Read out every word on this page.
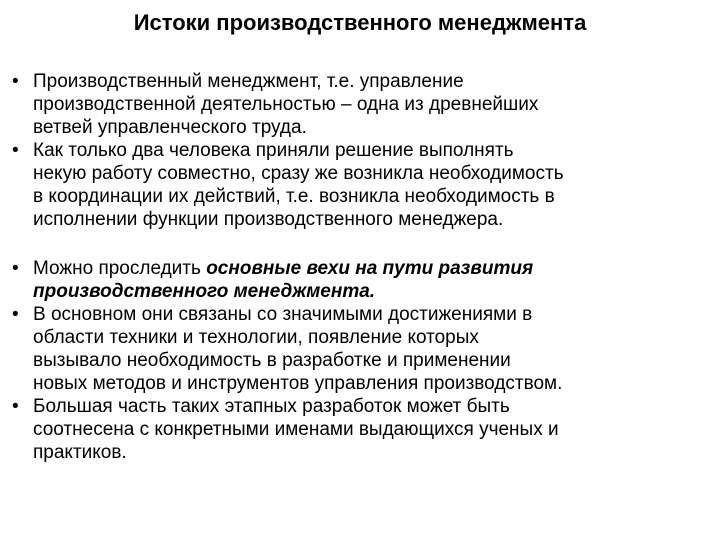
Истоки производственного менеджмента
• Производственный менеджмент, т.е. управление
производственной деятельностью – одна из древнейших
ветвей управленческого труда.
• Как только два человека приняли решение выполнять
некую работу совместно, сразу же возникла необходимость
в координации их действий, т.е. возникла необходимость в
исполнении функции производственного менеджера.
• Можно проследить основные вехи на пути развития
производственного менеджмента.
• В основном они связаны со значимыми достижениями в
области техники и технологии, появление которых
вызывало необходимость в разработке и применении
новых методов и инструментов управления производством.
• Большая часть таких этапных разработок может быть
соотнесена с конкретными именами выдающихся ученых и
практиков.
